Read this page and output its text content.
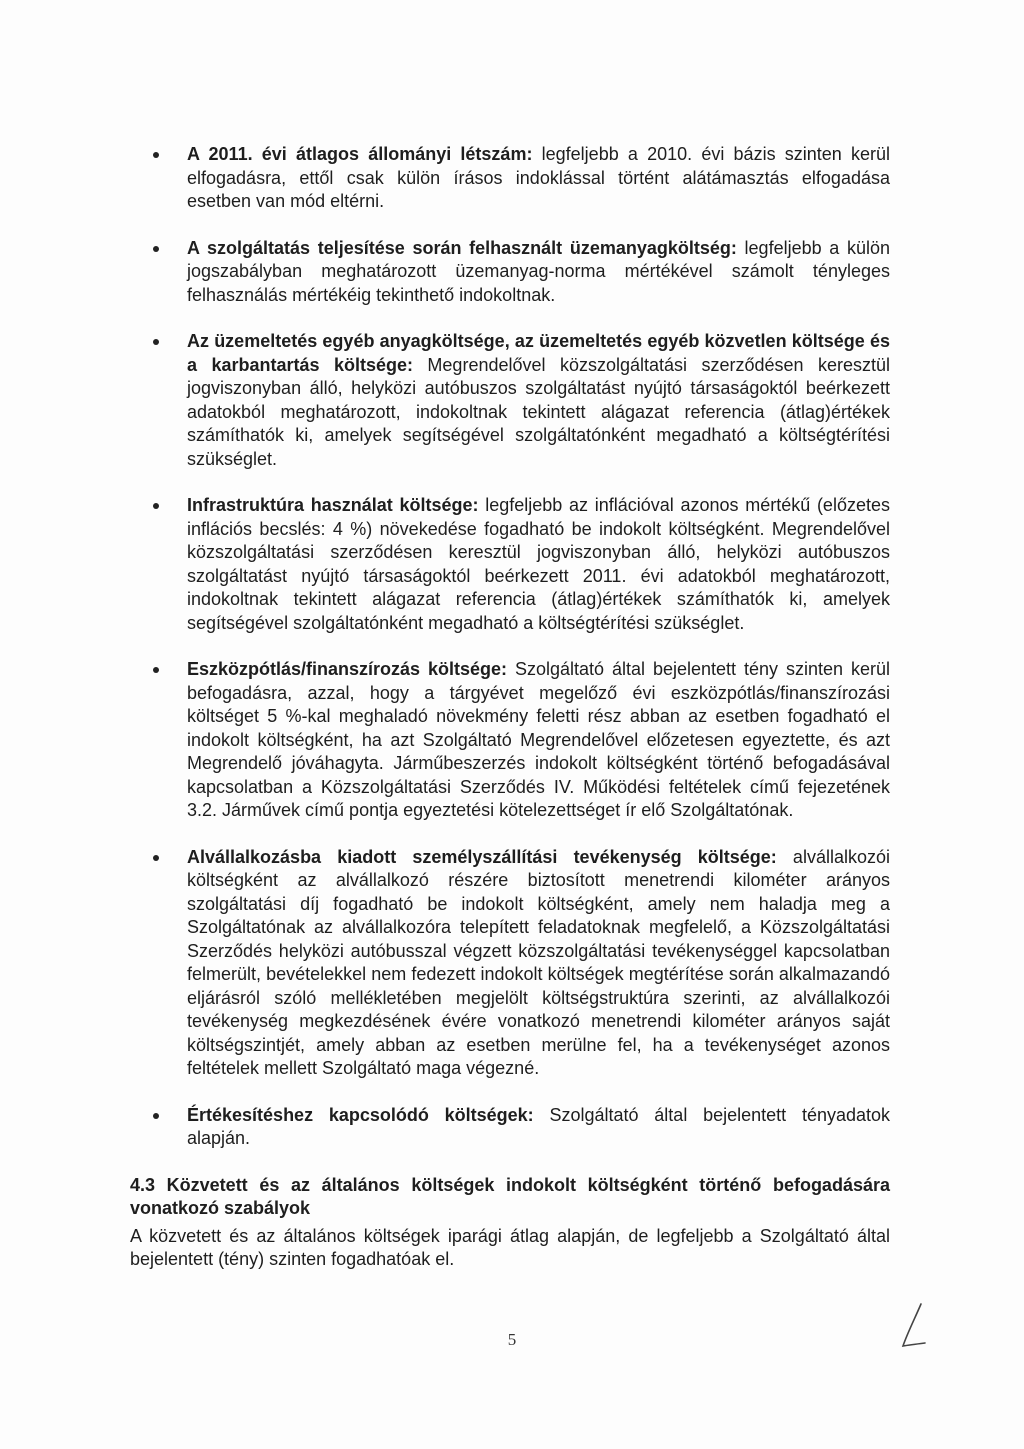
A 2011. évi átlagos állományi létszám: legfeljebb a 2010. évi bázis szinten kerül elfogadásra, ettől csak külön írásos indoklással történt alátámasztás elfogadása esetben van mód eltérni.
A szolgáltatás teljesítése során felhasznált üzemanyagköltség: legfeljebb a külön jogszabályban meghatározott üzemanyag-norma mértékével számolt tényleges felhasználás mértékéig tekinthető indokoltnak.
Az üzemeltetés egyéb anyagköltsége, az üzemeltetés egyéb közvetlen költsége és a karbantartás költsége: Megrendelővel közszolgáltatási szerződésen keresztül jogviszonyban álló, helyközi autóbuszos szolgáltatást nyújtó társaságoktól beérkezett adatokból meghatározott, indokoltnak tekintett alágazat referencia (átlag)értékek számíthatók ki, amelyek segítségével szolgáltatónként megadható a költségtérítési szükséglet.
Infrastruktúra használat költsége: legfeljebb az inflációval azonos mértékű (előzetes inflációs becslés: 4 %) növekedése fogadható be indokolt költségként. Megrendelővel közszolgáltatási szerződésen keresztül jogviszonyban álló, helyközi autóbuszos szolgáltatást nyújtó társaságoktól beérkezett 2011. évi adatokból meghatározott, indokoltnak tekintett alágazat referencia (átlag)értékek számíthatók ki, amelyek segítségével szolgáltatónként megadható a költségtérítési szükséglet.
Eszközpótlás/finanszírozás költsége: Szolgáltató által bejelentett tény szinten kerül befogadásra, azzal, hogy a tárgyévet megelőző évi eszközpótlás/finanszírozási költséget 5 %-kal meghaladó növekmény feletti rész abban az esetben fogadható el indokolt költségként, ha azt Szolgáltató Megrendelővel előzetesen egyeztette, és azt Megrendelő jóváhagyta. Járműbeszerzés indokolt költségként történő befogadásával kapcsolatban a Közszolgáltatási Szerződés IV. Működési feltételek című fejezetének 3.2. Járművek című pontja egyeztetési kötelezettséget ír elő Szolgáltatónak.
Alvállalkozásba kiadott személyszállítási tevékenység költsége: alvállalkozói költségként az alvállalkozó részére biztosított menetrendi kilométer arányos szolgáltatási díj fogadható be indokolt költségként, amely nem haladja meg a Szolgáltatónak az alvállalkozóra telepített feladatoknak megfelelő, a Közszolgáltatási Szerződés helyközi autóbusszal végzett közszolgáltatási tevékenységgel kapcsolatban felmerült, bevételekkel nem fedezett indokolt költségek megtérítése során alkalmazandó eljárásról szóló mellékletében megjelölt költségstruktúra szerinti, az alvállalkozói tevékenység megkezdésének évére vonatkozó menetrendi kilométer arányos saját költségszintjét, amely abban az esetben merülne fel, ha a tevékenységet azonos feltételek mellett Szolgáltató maga végezné.
Értékesítéshez kapcsolódó költségek: Szolgáltató által bejelentett tényadatok alapján.
4.3 Közvetett és az általános költségek indokolt költségként történő befogadására vonatkozó szabályok

A közvetett és az általános költségek iparági átlag alapján, de legfeljebb a Szolgáltató által bejelentett (tény) szinten fogadhatóak el.

5
